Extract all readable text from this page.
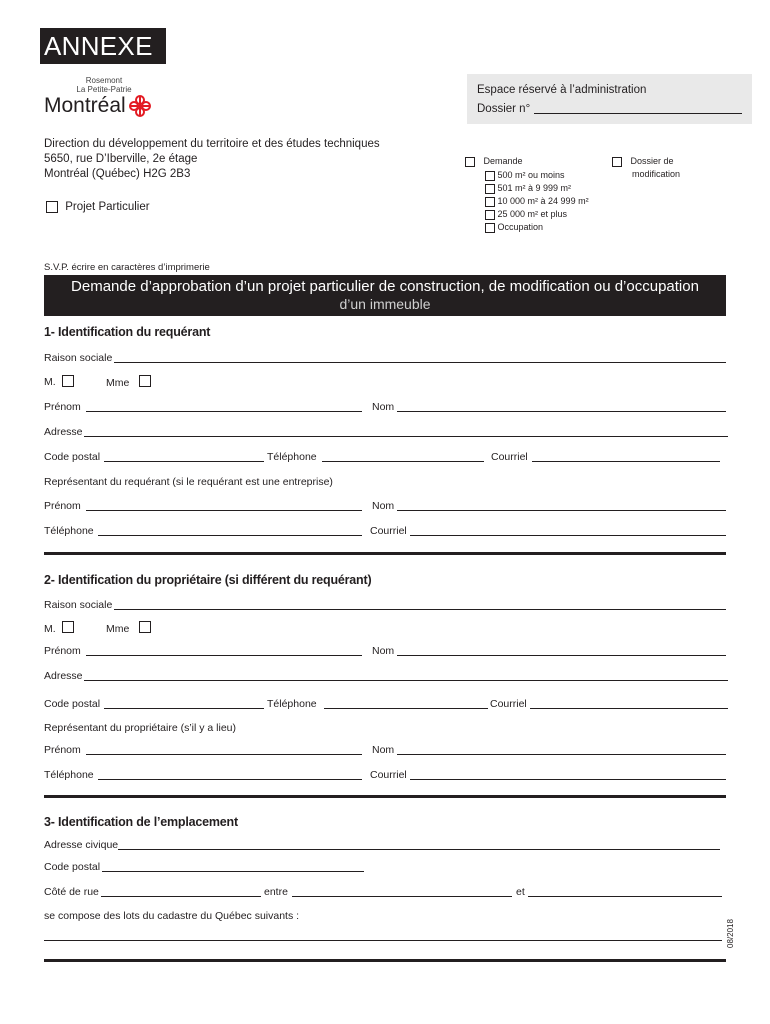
ANNEXE A	Rosemont
La Petite-Patrie
Montréal
Espace réservé à l’administration
Dossier n°
Direction du développement du territoire et des études techniques
5650, rue D’Iberville, 2e étage
Montréal (Québec) H2G 2B3
Projet Particulier
Demande
500 m² ou moins
501 m² à 9 999 m²
10 000 m² à 24 999 m²
25 000 m² et plus
Occupation
Dossier de
modification
S.V.P. écrire en caractères d’imprimerie
Demande d’approbation d’un projet particulier de construction, de modification ou d’occupation
d’un immeuble
1- Identification du requérant
Raison sociale
M.	Mme
Prénom	Nom
Adresse
Code postal	Téléphone	Courriel
Représentant du requérant (si le requérant est une entreprise)
Prénom	Nom
Téléphone	Courriel
2- Identification du propriétaire (si différent du requérant)
Raison sociale
M.	Mme
Prénom	Nom
Adresse
Code postal	Téléphone	Courriel
Représentant du propriétaire (s’il y a lieu)
Prénom	Nom
Téléphone	Courriel
3- Identification de l’emplacement
Adresse civique
Code postal
Côté de rue	entre	et
se compose des lots du cadastre du Québec suivants :
08/2018
